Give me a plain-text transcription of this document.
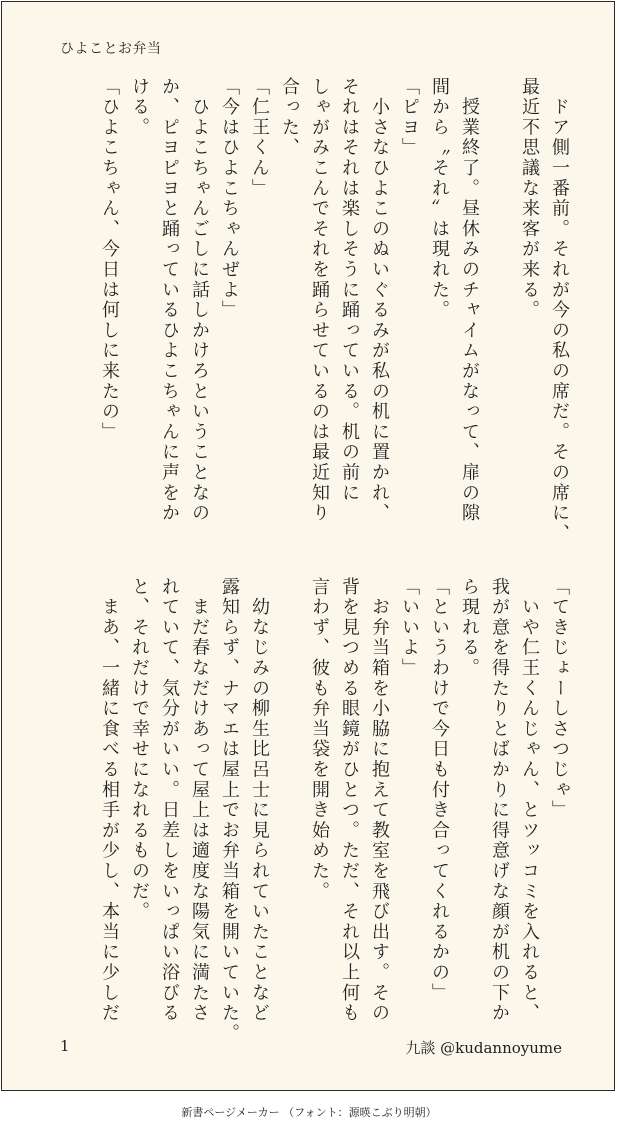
ひよことお弁当
　ドア側一番前。それが今の私の席だ。その席に、
最近不思議な来客が来る。

　授業終了。昼休みのチャイムがなって、扉の隙
間から〝それ〟は現れた。
「ピヨ」
　小さなひよこのぬいぐるみが私の机に置かれ、
それはそれは楽しそうに踊っている。机の前に
しゃがみこんでそれを踊らせているのは最近知り
合った、
「仁王くん」
「今はひよこちゃんぜよ」
　ひよこちゃんごしに話しかけろということなの
か、ピヨピヨと踊っているひよこちゃんに声をか
ける。
「ひよこちゃん、今日は何しに来たの」
「てきじょーしさつじゃ」
　いや仁王くんじゃん、とツッコミを入れると、
我が意を得たりとばかりに得意げな顔が机の下か
ら現れる。
「というわけで今日も付き合ってくれるかの」
「いいよ」
　お弁当箱を小脇に抱えて教室を飛び出す。その
背を見つめる眼鏡がひとつ。ただ、それ以上何も
言わず、彼も弁当袋を開き始めた。

　幼なじみの柳生比呂士に見られていたことなど
露知らず、ナマエは屋上でお弁当箱を開いていた。
　まだ春なだけあって屋上は適度な陽気に満たさ
れていて、気分がいい。日差しをいっぱい浴びる
と、それだけで幸せになれるものだ。
　まあ、一緒に食べる相手が少し、本当に少しだ
1	九談 @kudannoyume
新書ページメーカー （フォント：源暎こぶり明朝）
